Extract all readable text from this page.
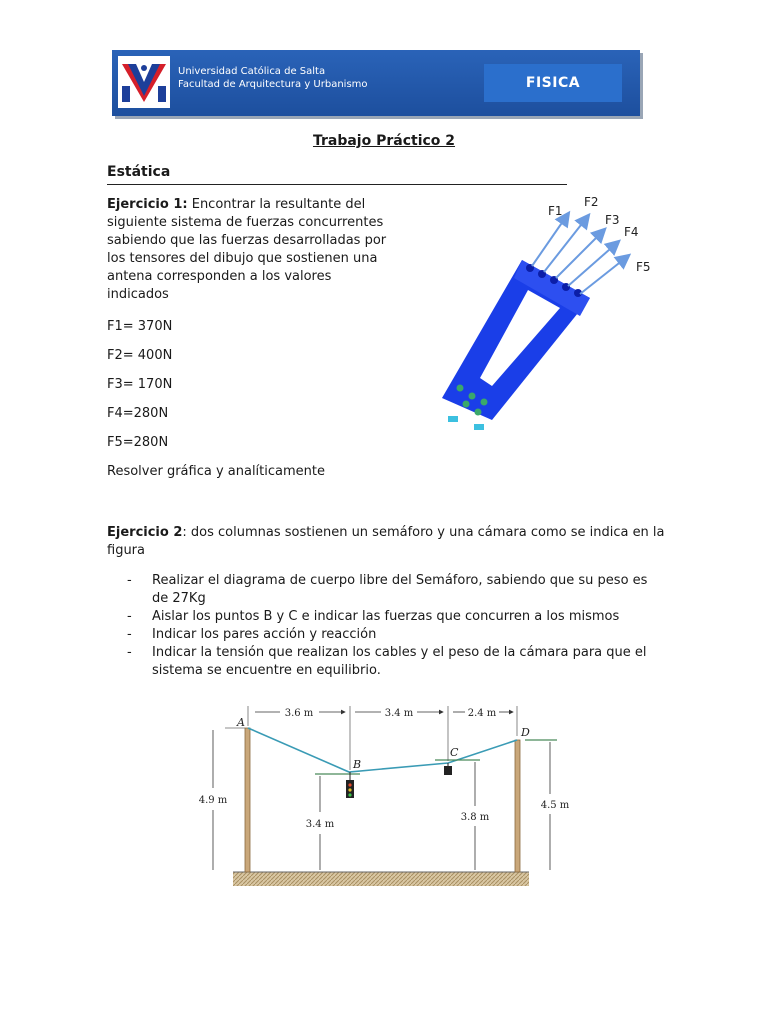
Universidad Católica de Salta
Facultad de Arquitectura y Urbanismo	FISICA
Trabajo Práctico 2
Estática
Ejercicio 1: Encontrar la resultante del siguiente sistema de fuerzas concurrentes sabiendo que las fuerzas desarrolladas por los tensores del dibujo que sostienen una antena corresponden a los valores indicados
F1= 370N
F2= 400N
F3= 170N
F4=280N
F5=280N
Resolver gráfica y analíticamente
F1
F2
F3
F4
F5
Ejercicio 2: dos columnas sostienen un semáforo y una cámara como se indica en la figura
-	Realizar el diagrama de cuerpo libre del Semáforo, sabiendo que su peso es de 27Kg
-	Aislar los puntos B y C e indicar las fuerzas que concurren a los mismos
-	Indicar los pares acción y reacción
-	Indicar la tensión que realizan los cables y el peso de la cámara para que el sistema se encuentre en equilibrio.
3.6 m	3.4 m	2.4 m
4.9 m
3.4 m
3.8 m
4.5 m
A
B
C
D
